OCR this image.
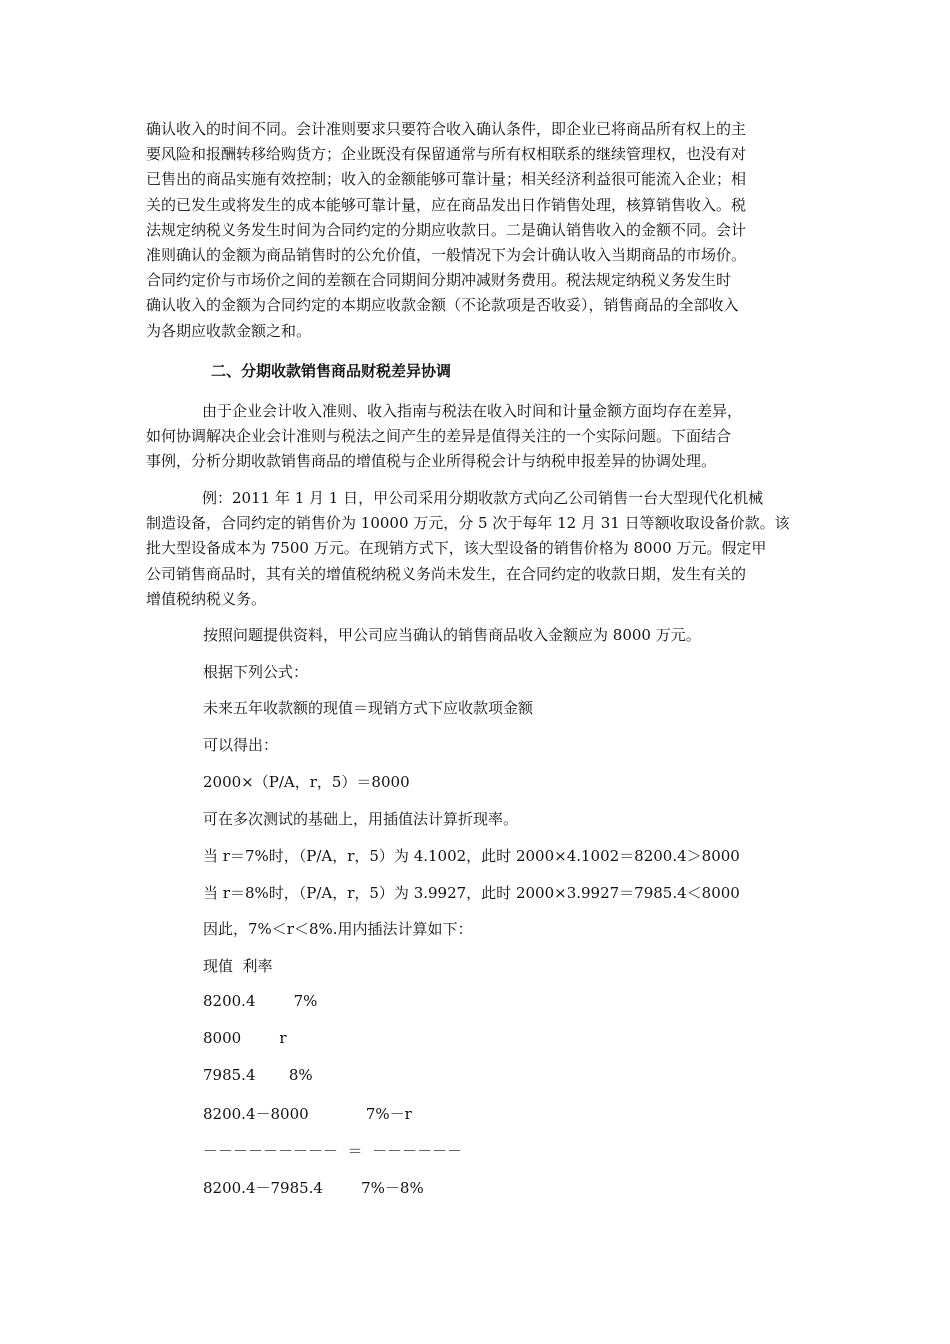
确认收入的时间不同。会计准则要求只要符合收入确认条件，即企业已将商品所有权上的主
要风险和报酬转移给购货方；企业既没有保留通常与所有权相联系的继续管理权，也没有对
已售出的商品实施有效控制；收入的金额能够可靠计量；相关经济利益很可能流入企业；相
关的已发生或将发生的成本能够可靠计量，应在商品发出日作销售处理，核算销售收入。税
法规定纳税义务发生时间为合同约定的分期应收款日。二是确认销售收入的金额不同。会计
准则确认的金额为商品销售时的公允价值，一般情况下为会计确认收入当期商品的市场价。
合同约定价与市场价之间的差额在合同期间分期冲减财务费用。税法规定纳税义务发生时
确认收入的金额为合同约定的本期应收款金额（不论款项是否收妥），销售商品的全部收入
为各期应收款金额之和。

二、分期收款销售商品财税差异协调

由于企业会计收入准则、收入指南与税法在收入时间和计量金额方面均存在差异，
如何协调解决企业会计准则与税法之间产生的差异是值得关注的一个实际问题。下面结合
事例，分析分期收款销售商品的增值税与企业所得税会计与纳税申报差异的协调处理。
例：2011 年 1 月 1 日，甲公司采用分期收款方式向乙公司销售一台大型现代化机械
制造设备，合同约定的销售价为 10000 万元，分 5 次于每年 12 月 31 日等额收取设备价款。该
批大型设备成本为 7500 万元。在现销方式下，该大型设备的销售价格为 8000 万元。假定甲
公司销售商品时，其有关的增值税纳税义务尚未发生，在合同约定的收款日期，发生有关的
增值税纳税义务。

按照问题提供资料，甲公司应当确认的销售商品收入金额应为 8000 万元。

根据下列公式：

未来五年收款额的现值＝现销方式下应收款项金额

可以得出：

2000×（P/A，r，5）＝8000

可在多次测试的基础上，用插值法计算折现率。

当 r＝7%时，（P/A，r，5）为 4.1002，此时 2000×4.1002＝8200.4＞8000

当 r＝8%时，（P/A，r，5）为 3.9927，此时 2000×3.9927＝7985.4＜8000

因此，7%＜r＜8%.用内插法计算如下：

现值  利率

8200.4        7%

8000        r

7985.4       8%

8200.4－8000            7%－r

－－－－－－－－－  ＝  －－－－－－

8200.4－7985.4        7%－8%
